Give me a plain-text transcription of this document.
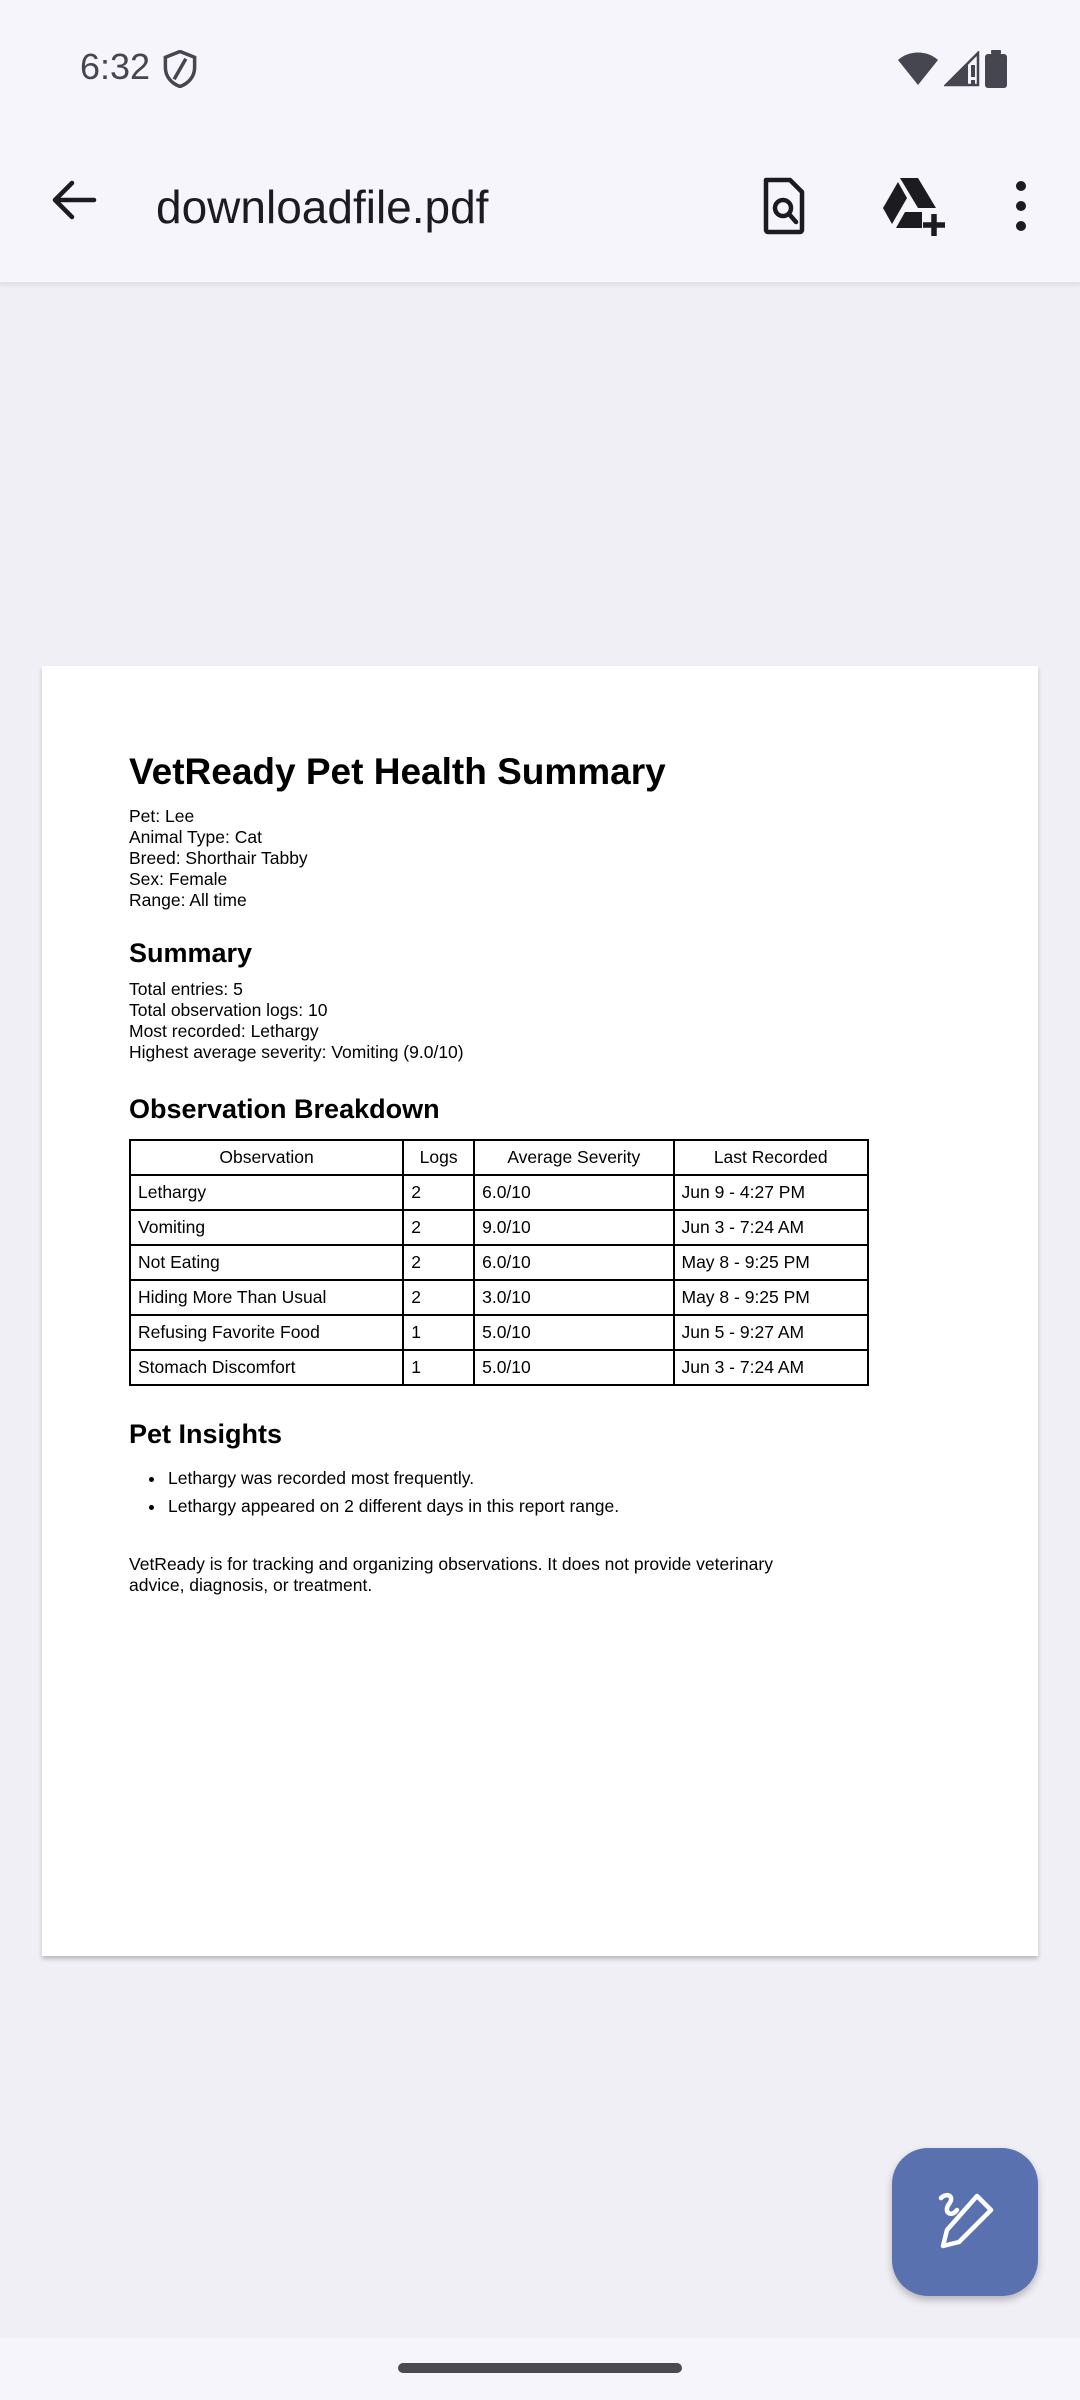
6:32

downloadfile.pdf
VetReady Pet Health Summary
Pet: Lee
Animal Type: Cat
Breed: Shorthair Tabby
Sex: Female
Range: All time
Summary
Total entries: 5
Total observation logs: 10
Most recorded: Lethargy
Highest average severity: Vomiting (9.0/10)
Observation Breakdown
Observation	Logs	Average Severity	Last Recorded
Lethargy	2	6.0/10	Jun 9 - 4:27 PM
Vomiting	2	9.0/10	Jun 3 - 7:24 AM
Not Eating	2	6.0/10	May 8 - 9:25 PM
Hiding More Than Usual	2	3.0/10	May 8 - 9:25 PM
Refusing Favorite Food	1	5.0/10	Jun 5 - 9:27 AM
Stomach Discomfort	1	5.0/10	Jun 3 - 7:24 AM
Pet Insights
• Lethargy was recorded most frequently.
• Lethargy appeared on 2 different days in this report range.
VetReady is for tracking and organizing observations. It does not provide veterinary advice, diagnosis, or treatment.
